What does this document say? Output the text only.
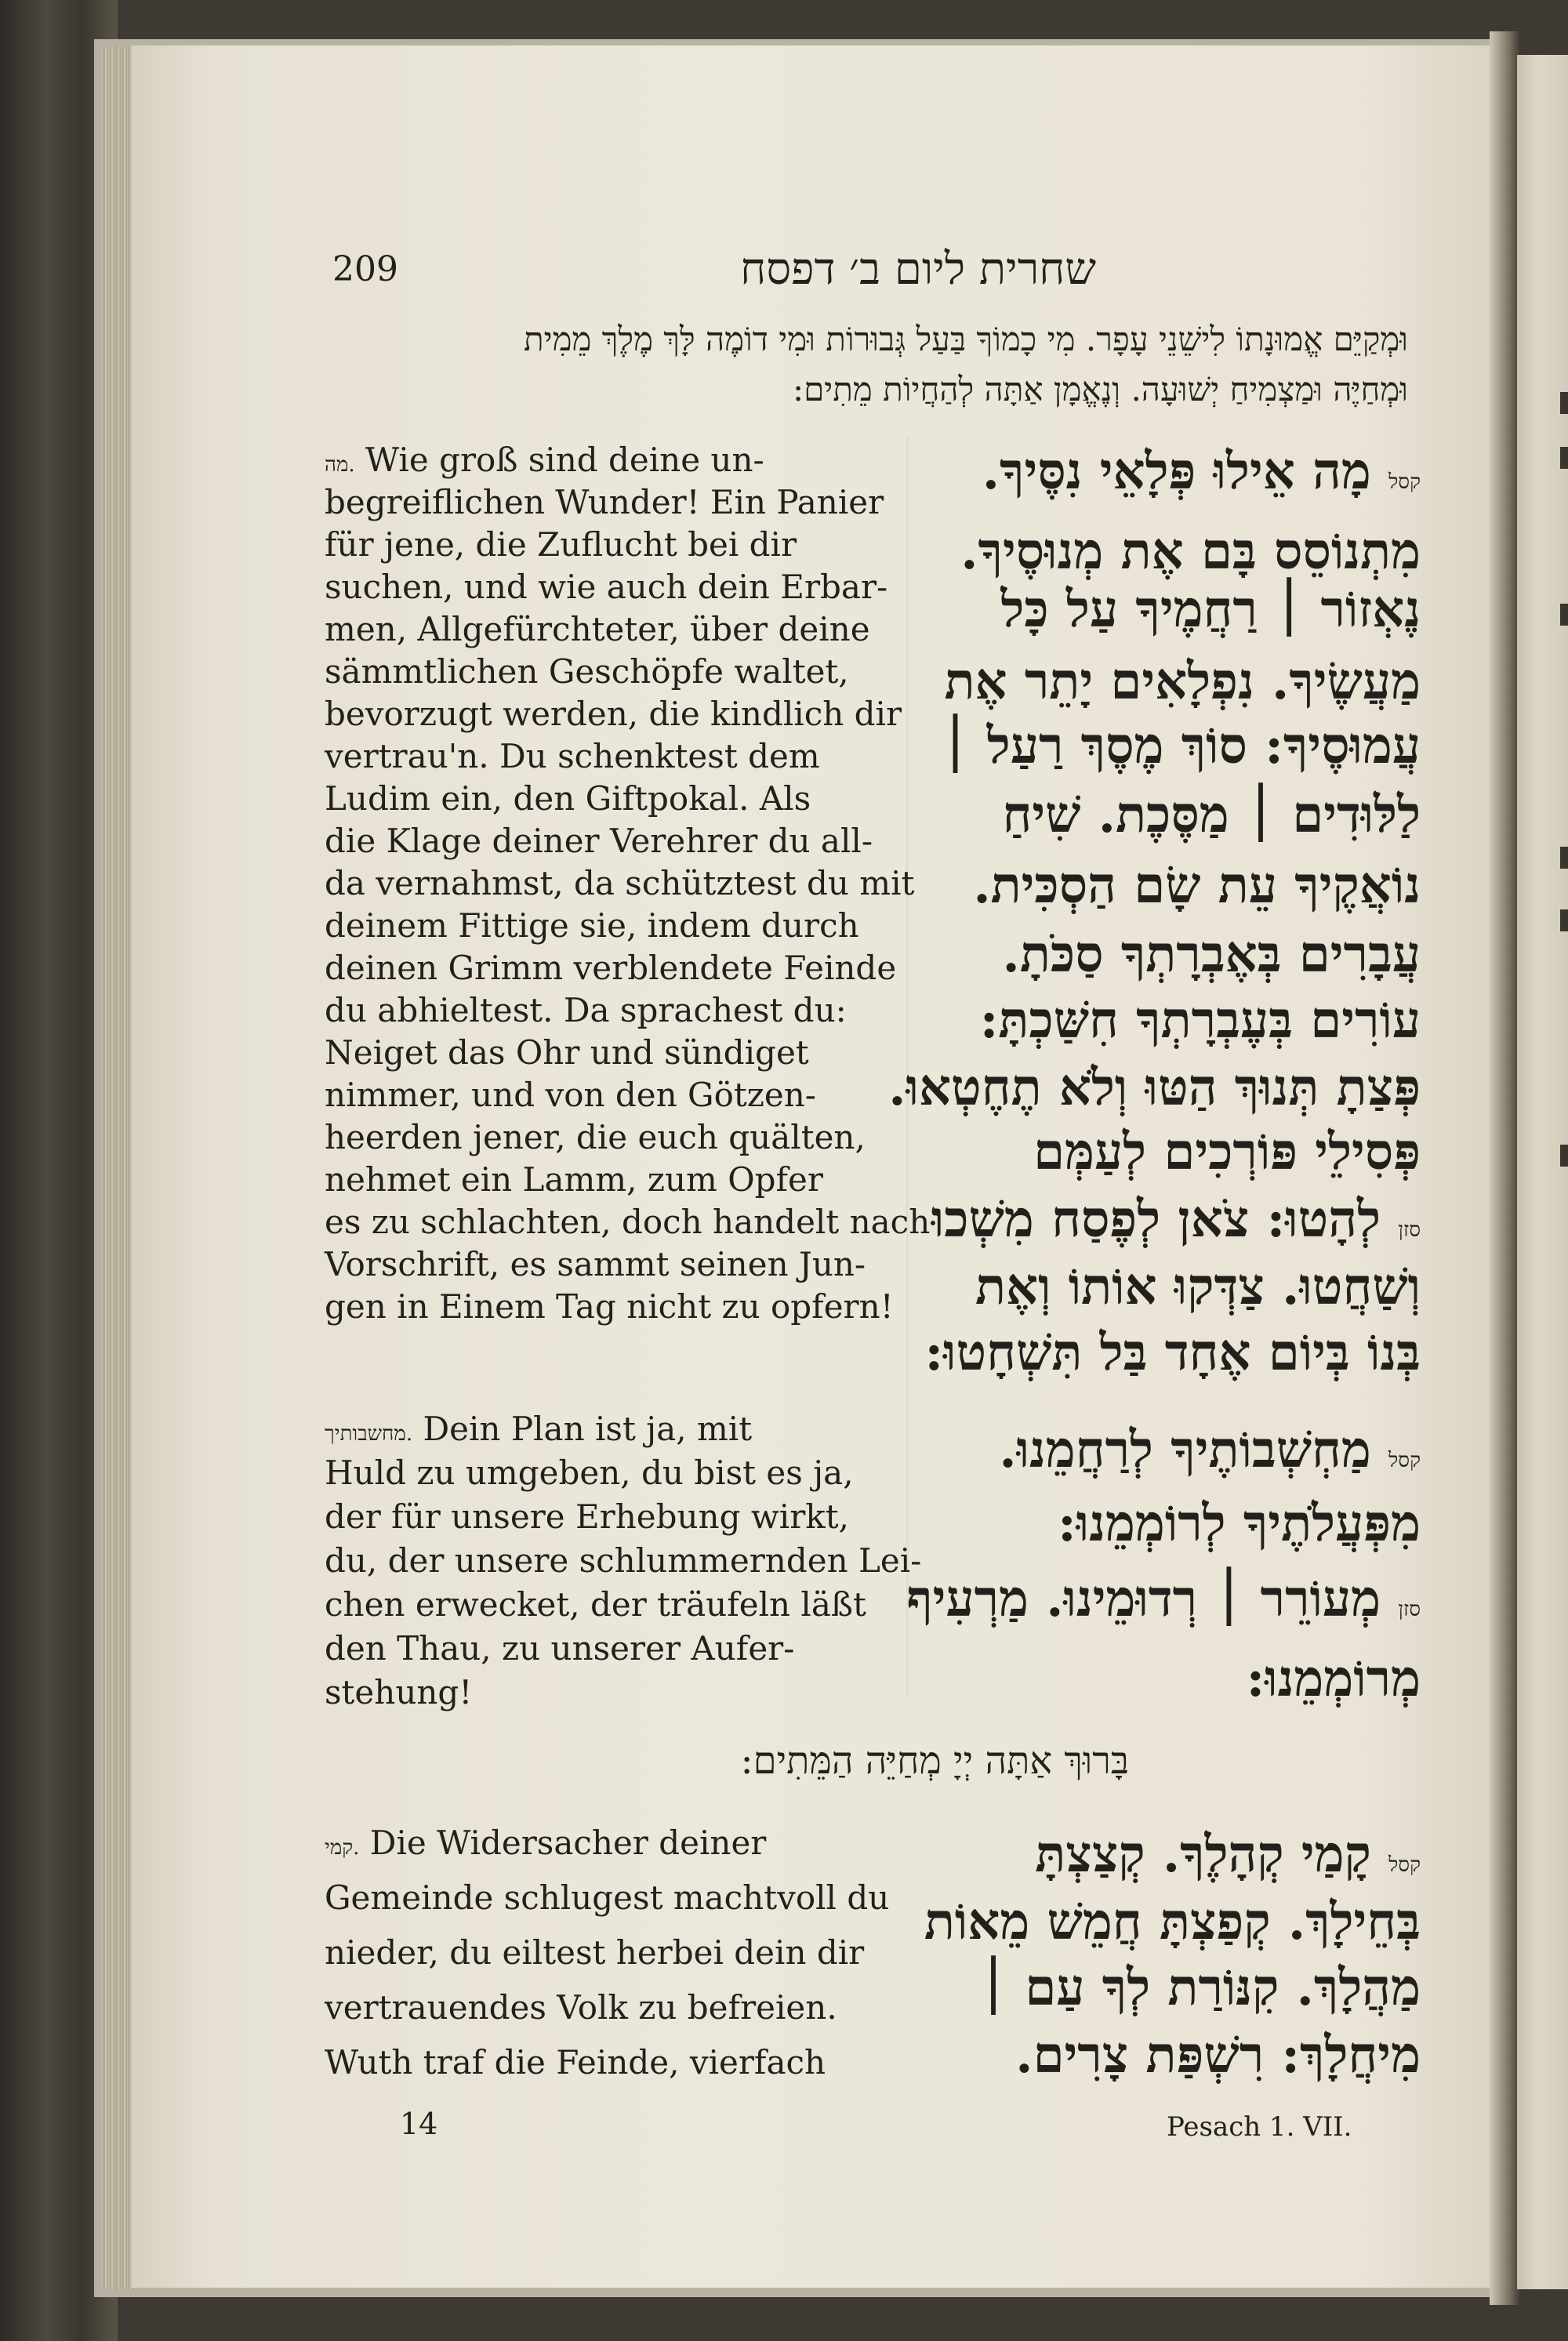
209	שחרית ליום ב׳ דפסח
וּמְקַיֵּם אֱמוּנָתוֹ לִישֵׁנֵי עָפָר. מִי כָמוֹךָ בַּעַל גְּבוּרוֹת וּמִי דוֹמֶה לָּךְ מֶלֶךְ מֵמִית
וּמְחַיֶּה וּמַצְמִיחַ יְשׁוּעָה. וְנֶאֱמָן אַתָּה לְהַחֲיוֹת מֵתִים:
קסל מָה אֵילוּ פְּלָאֵי נִסֶּיךָ.
מִתְנוֹסֵס בָּם אֶת מְנוּסֶיךָ.
נֶאְזוֹר ׀ רַחֲמֶיךָ עַל כָּל
מַעֲשֶׂיךָ. נִפְלָאִים יָתֵר אֶת
עֲמוּסֶיךָ: סוֹךְ מֶסֶךְ רַעַל ׀
לַלּוּדִים ׀ מַסֶּכֶת. שִׁיחַ
נוֹאֲקֶיךָ עֵת שָׂם הַסְכִּית.
עֲבָרִים בְּאֶבְרָתְךָ סַכֹּתָ.
עוֹרִים בְּעֶבְרָתְךָ חִשַּׁכְתָּ:
פְּצַתָ תְּנוּךְ הַטּוּ וְלֹא תֶחֶטְאוּ.
פְּסִילֵי פּוֹרְכִים לְעַמְּם
סזן לְהָטוּ: צֹאן לְפֶסַח מִשְׁכוּ
וְשַׁחֲטוּ. צַדְּקוּ אוֹתוֹ וְאֶת
בְּנוֹ בְּיוֹם אֶחָד בַּל תִּשְׁחָטוּ:
מה. Wie groß sind deine un-
begreiflichen Wunder! Ein Panier
für jene, die Zuflucht bei dir
suchen, und wie auch dein Erbar-
men, Allgefürchteter, über deine
sämmtlichen Geschöpfe waltet,
bevorzugt werden, die kindlich dir
vertrau'n. Du schenktest dem
Ludim ein, den Giftpokal. Als
die Klage deiner Verehrer du all-
da vernahmst, da schütztest du mit
deinem Fittige sie, indem durch
deinen Grimm verblendete Feinde
du abhieltest. Da sprachest du:
Neiget das Ohr und sündiget
nimmer, und von den Götzen-
heerden jener, die euch quälten,
nehmet ein Lamm, zum Opfer
es zu schlachten, doch handelt nach
Vorschrift, es sammt seinen Jun-
gen in Einem Tag nicht zu opfern!
קסל מַחְשְׁבוֹתֶיךָ לְרַחֲמֵנוּ.
מִפְּעֲלֹתֶיךָ לְרוֹמְמֵנוּ:
סזן מְעוֹרֵר ׀ רְדוּמֵינוּ. מַרְעִיף
מְרוֹמְמֵנוּ:
מחשבותיך. Dein Plan ist ja, mit
Huld zu umgeben, du bist es ja,
der für unsere Erhebung wirkt,
du, der unsere schlummernden Lei-
chen erwecket, der träufeln läßt
den Thau, zu unserer Aufer-
stehung!
בָּרוּךְ אַתָּה יְיָ מְחַיֵּה הַמֵּתִים:
קסל קָמַי קְהָלֶךָ. קְצַצְתָּ
בְּחֵילָךְ. קְפַצְתָּ חֲמֵשׁ מֵאוֹת
מַהֲלָךְ. קִנּוֹרַת לְךָ עַם ׀
מִיחֲלָךְ: רִשְׁפַּת צָרִים.
קמי. Die Widersacher deiner
Gemeinde schlugest machtvoll du
nieder, du eiltest herbei dein dir
vertrauendes Volk zu befreien.
Wuth traf die Feinde, vierfach
14	Pesach 1. VII.
